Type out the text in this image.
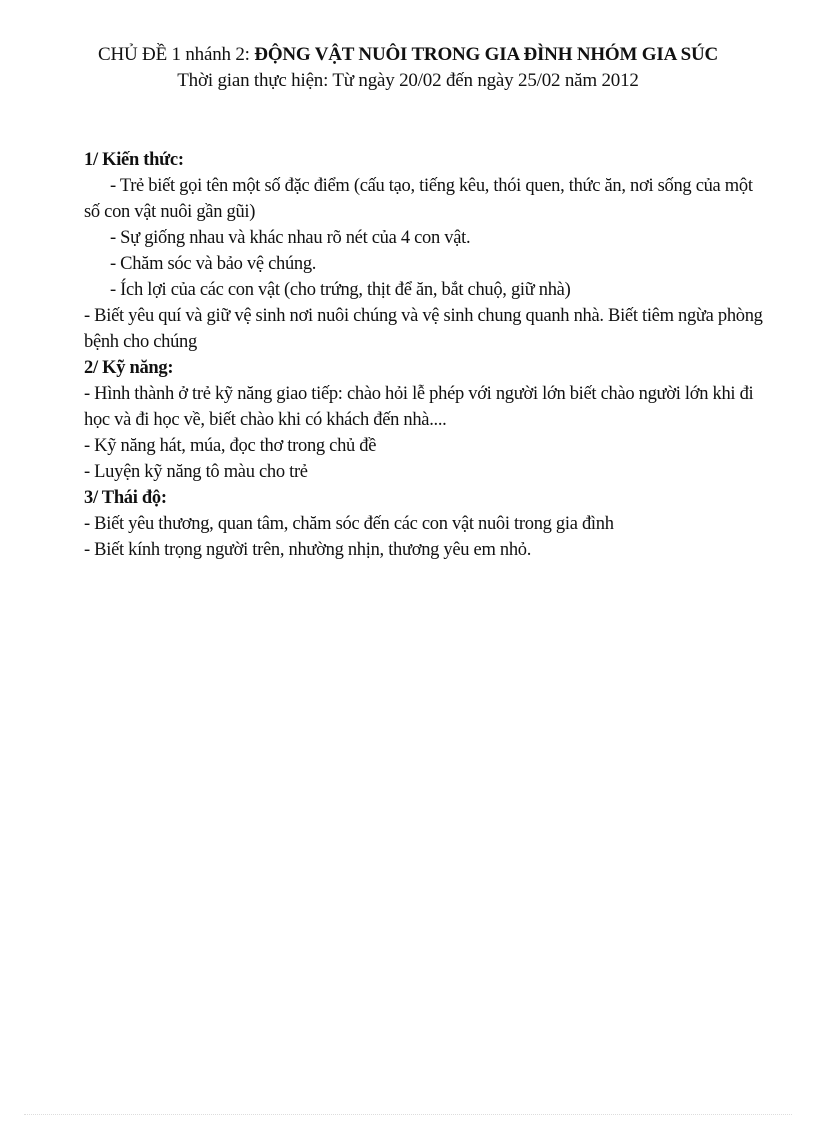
CHỦ ĐỀ 1 nhánh 2: ĐỘNG VẬT NUÔI TRONG GIA ĐÌNH NHÓM GIA SÚC
Thời gian thực hiện: Từ ngày 20/02 đến ngày 25/02 năm 2012

1/ Kiến thức:

- Trẻ biết gọi tên một số đặc điểm (cấu tạo, tiếng kêu, thói quen, thức ăn, nơi sống của một số con vật nuôi gần gũi)

- Sự giống nhau và khác nhau rõ nét của 4 con vật.

- Chăm sóc và bảo vệ chúng.

- Ích lợi của các con vật (cho trứng, thịt để ăn, bắt chuộ, giữ nhà)

- Biết yêu quí và giữ vệ sinh nơi nuôi chúng và vệ sinh chung quanh nhà. Biết tiêm ngừa phòng bệnh cho chúng

2/ Kỹ năng:

- Hình thành ở trẻ kỹ năng giao tiếp: chào hỏi lễ phép với người lớn biết chào người lớn khi đi học và đi học về, biết chào khi có khách đến nhà....

- Kỹ năng hát, múa, đọc thơ trong chủ đề

- Luyện kỹ năng tô màu cho trẻ

3/ Thái độ:

- Biết yêu thương, quan tâm, chăm sóc đến các con vật nuôi trong gia đình

- Biết kính trọng người trên, nhường nhịn, thương yêu em nhỏ.
